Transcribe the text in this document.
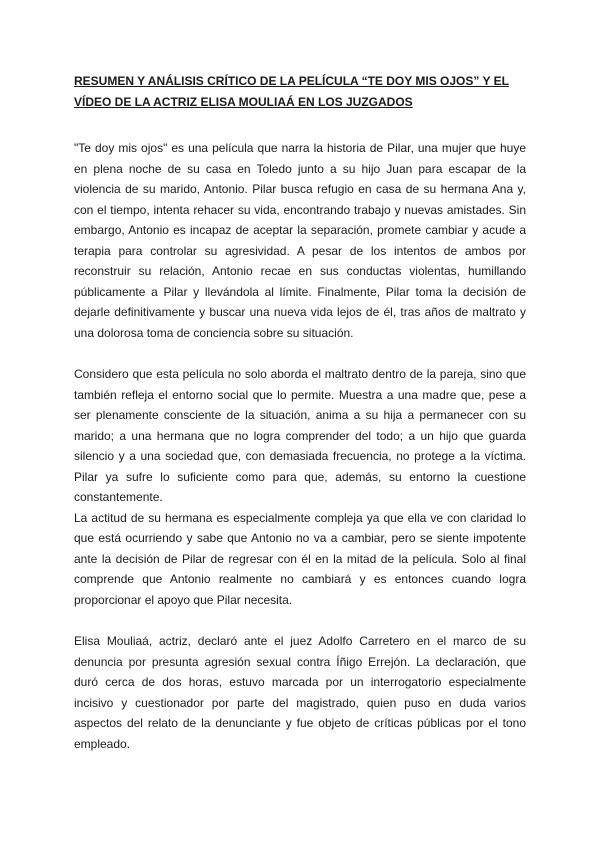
RESUMEN Y ANÁLISIS CRÍTICO DE LA PELÍCULA “TE DOY MIS OJOS” Y EL
VÍDEO DE LA ACTRIZ ELISA MOULIAÁ EN LOS JUZGADOS

"Te doy mis ojos" es una película que narra la historia de Pilar, una mujer que huye en plena noche de su casa en Toledo junto a su hijo Juan para escapar de la violencia de su marido, Antonio. Pilar busca refugio en casa de su hermana Ana y, con el tiempo, intenta rehacer su vida, encontrando trabajo y nuevas amistades. Sin embargo, Antonio es incapaz de aceptar la separación, promete cambiar y acude a terapia para controlar su agresividad. A pesar de los intentos de ambos por reconstruir su relación, Antonio recae en sus conductas violentas, humillando públicamente a Pilar y llevándola al límite. Finalmente, Pilar toma la decisión de dejarle definitivamente y buscar una nueva vida lejos de él, tras años de maltrato y una dolorosa toma de conciencia sobre su situación.

Considero que esta película no solo aborda el maltrato dentro de la pareja, sino que también refleja el entorno social que lo permite. Muestra a una madre que, pese a ser plenamente consciente de la situación, anima a su hija a permanecer con su marido; a una hermana que no logra comprender del todo; a un hijo que guarda silencio y a una sociedad que, con demasiada frecuencia, no protege a la víctima. Pilar ya sufre lo suficiente como para que, además, su entorno la cuestione constantemente.

La actitud de su hermana es especialmente compleja ya que ella ve con claridad lo que está ocurriendo y sabe que Antonio no va a cambiar, pero se siente impotente ante la decisión de Pilar de regresar con él en la mitad de la película. Solo al final comprende que Antonio realmente no cambiará y es entonces cuando logra proporcionar el apoyo que Pilar necesita.

Elisa Mouliaá, actriz, declaró ante el juez Adolfo Carretero en el marco de su denuncia por presunta agresión sexual contra Íñigo Errejón. La declaración, que duró cerca de dos horas, estuvo marcada por un interrogatorio especialmente incisivo y cuestionador por parte del magistrado, quien puso en duda varios aspectos del relato de la denunciante y fue objeto de críticas públicas por el tono empleado.
